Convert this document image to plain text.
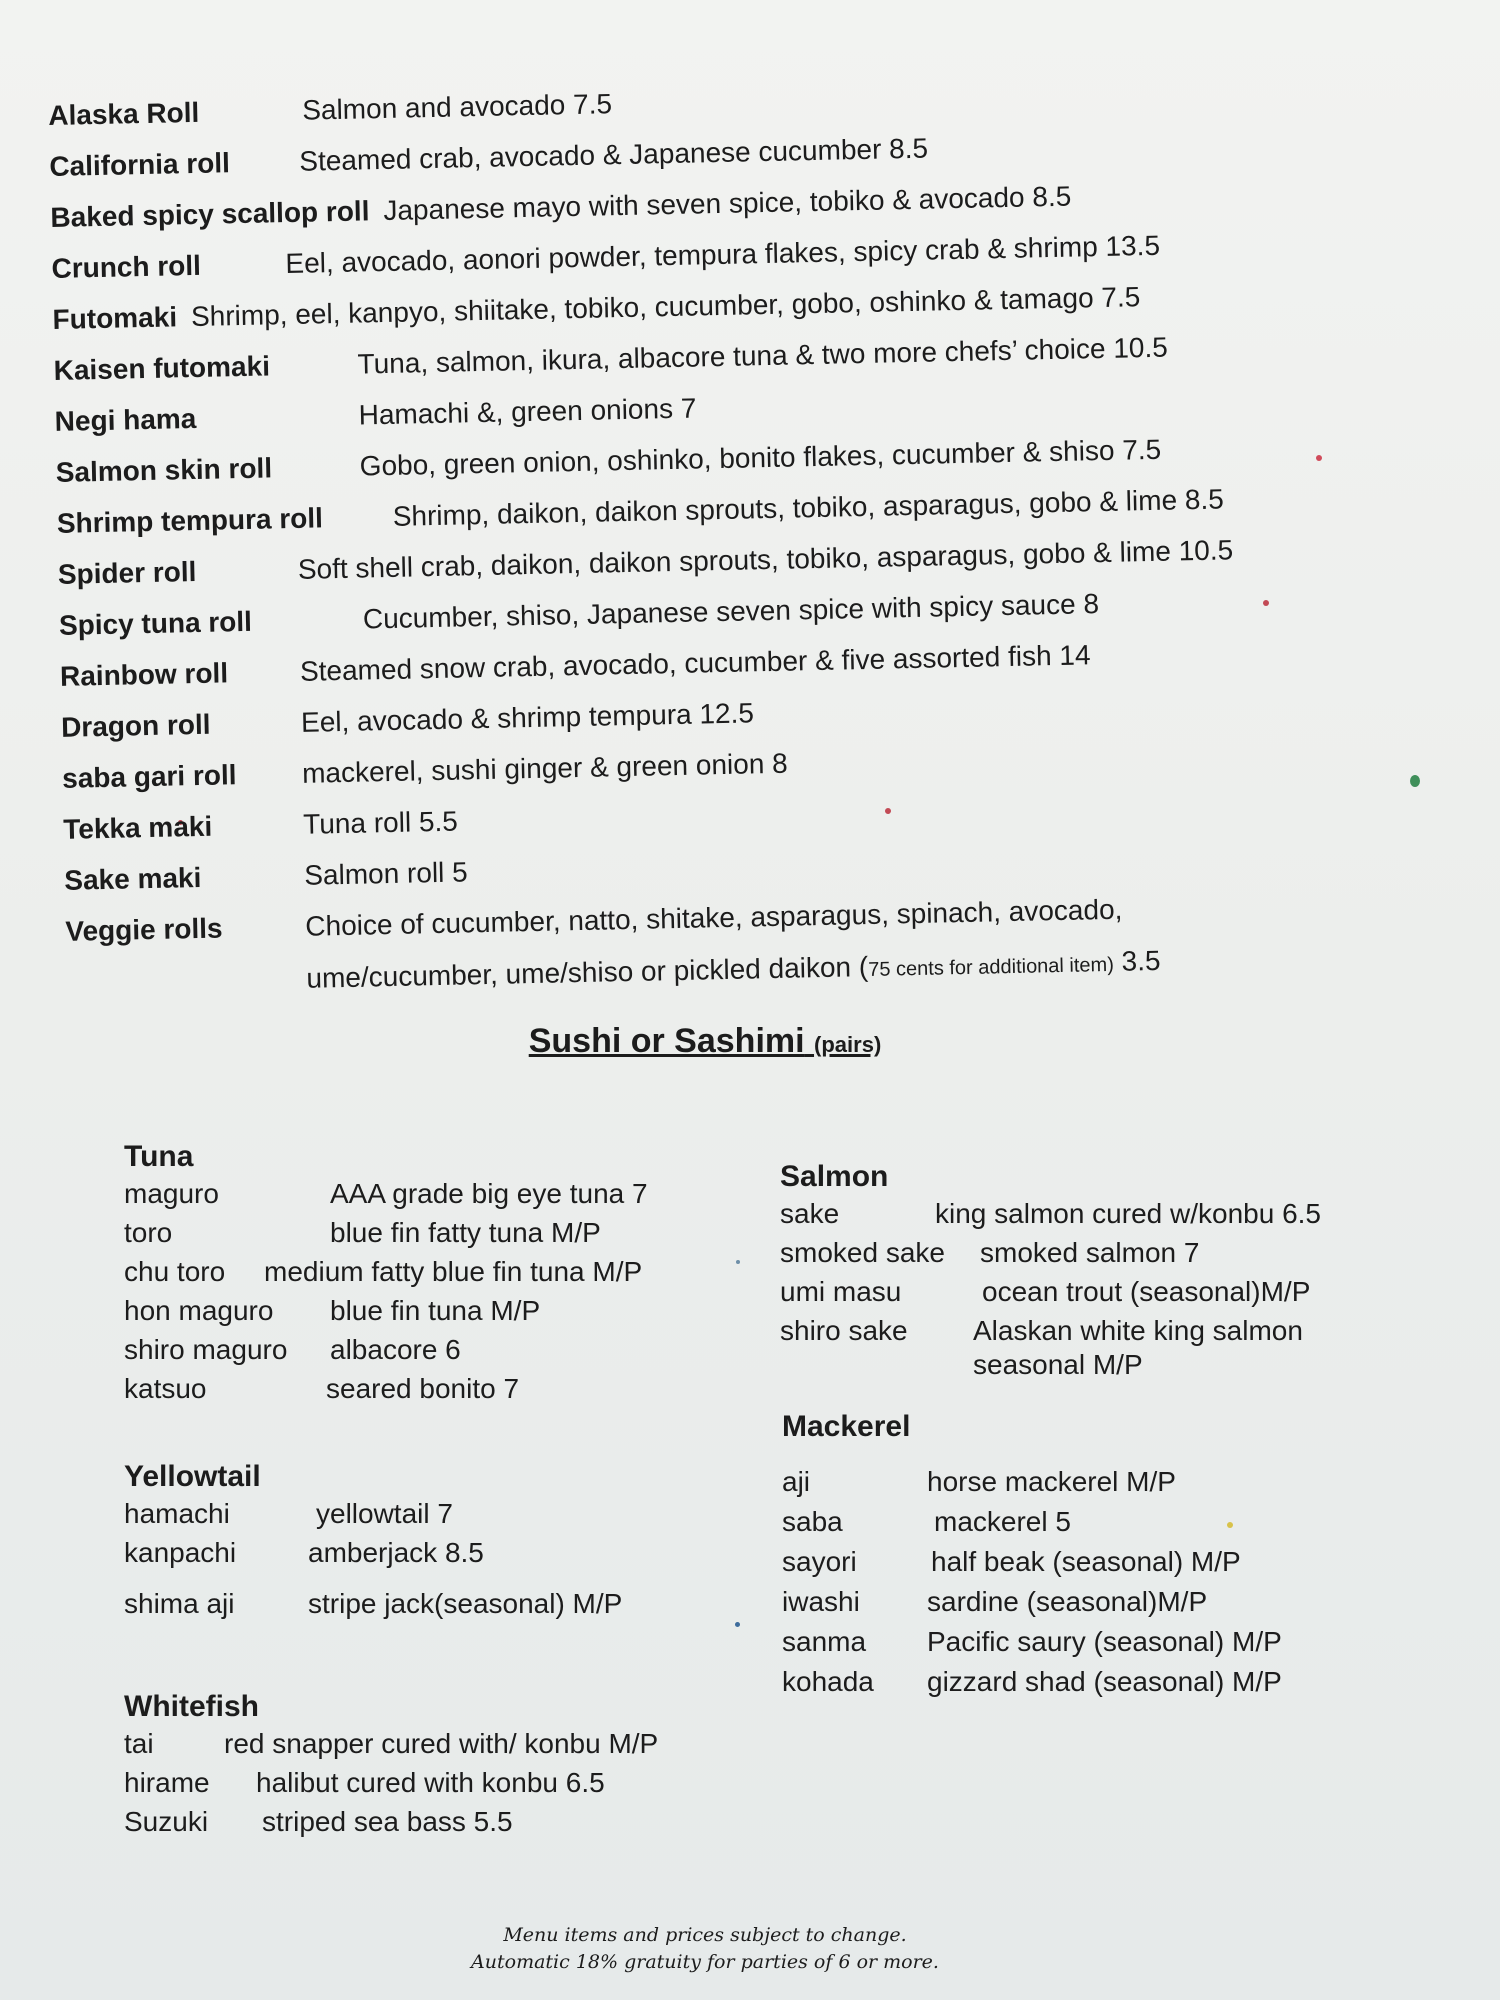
Alaska Roll	Salmon and avocado 7.5
California roll	Steamed crab, avocado & Japanese cucumber 8.5
Baked spicy scallop roll Japanese mayo with seven spice, tobiko & avocado 8.5
Crunch roll	Eel, avocado, aonori powder, tempura flakes, spicy crab & shrimp 13.5
Futomaki Shrimp, eel, kanpyo, shiitake, tobiko, cucumber, gobo, oshinko & tamago 7.5
Kaisen futomaki	Tuna, salmon, ikura, albacore tuna & two more chefs’ choice 10.5
Negi hama	Hamachi &, green onions 7
Salmon skin roll	Gobo, green onion, oshinko, bonito flakes, cucumber & shiso 7.5
Shrimp tempura roll	Shrimp, daikon, daikon sprouts, tobiko, asparagus, gobo & lime 8.5
Spider roll	Soft shell crab, daikon, daikon sprouts, tobiko, asparagus, gobo & lime 10.5
Spicy tuna roll	Cucumber, shiso, Japanese seven spice with spicy sauce 8
Rainbow roll	Steamed snow crab, avocado, cucumber & five assorted fish 14
Dragon roll	Eel, avocado & shrimp tempura 12.5
saba gari roll	mackerel, sushi ginger & green onion 8
Tekka maki	Tuna roll 5.5
Sake maki	Salmon roll 5
Veggie rolls	Choice of cucumber, natto, shitake, asparagus, spinach, avocado,
ume/cucumber, ume/shiso or pickled daikon (75 cents for additional item) 3.5
Sushi or Sashimi (pairs)
Tuna
maguro	AAA grade big eye tuna 7
toro	blue fin fatty tuna M/P
chu toro	medium fatty blue fin tuna M/P
hon maguro	blue fin tuna M/P
shiro maguro	albacore 6
katsuo	seared bonito 7
Yellowtail
hamachi	yellowtail 7
kanpachi	amberjack 8.5
shima aji	stripe jack(seasonal) M/P
Whitefish
tai	red snapper cured with/ konbu M/P
hirame	halibut cured with konbu 6.5
Suzuki	striped sea bass 5.5
Salmon
sake	king salmon cured w/konbu 6.5
smoked sake	smoked salmon 7
umi masu	ocean trout (seasonal)M/P
shiro sake	Alaskan white king salmon
seasonal M/P
Mackerel
aji	horse mackerel M/P
saba	mackerel 5
sayori	half beak (seasonal) M/P
iwashi	sardine (seasonal)M/P
sanma	Pacific saury (seasonal) M/P
kohada	gizzard shad (seasonal) M/P
Menu items and prices subject to change.
Automatic 18% gratuity for parties of 6 or more.
